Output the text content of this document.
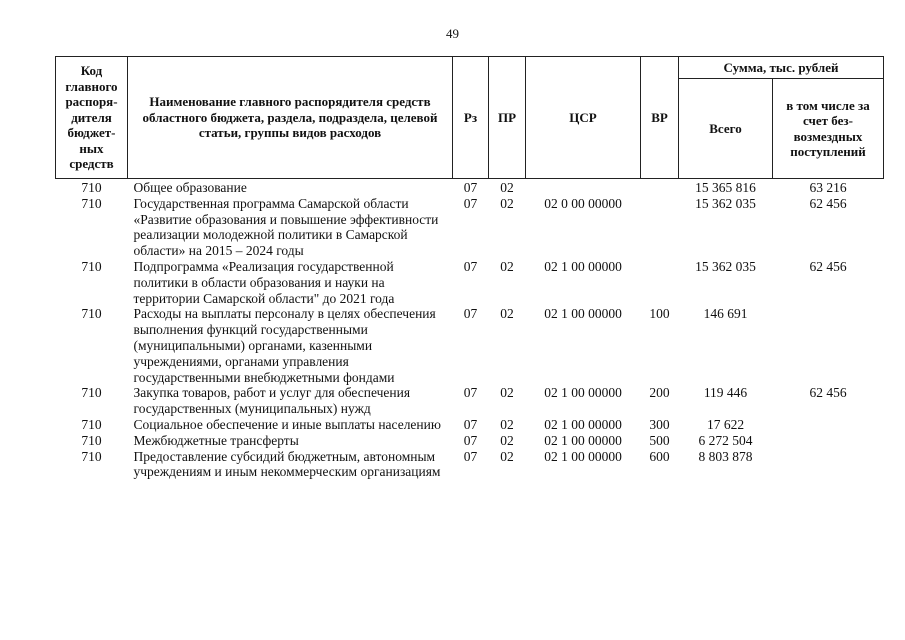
49
Код главного распоря-дителя бюджет-ных средств	Наименование главного распорядителя средств областного бюджета, раздела, подраздела, целевой статьи, группы видов расходов	Рз	ПР	ЦСР	ВР	Сумма, тыс. рублей	
						Всего	в том числе за счет без-возмездных поступлений
710	Общее образование	07	02			15 365 816	63 216
710	Государственная программа Самарской области «Развитие образования и повышение эффективности реализации молодежной политики в Самарской области» на 2015 – 2024 годы	07	02	02 0 00 00000		15 362 035	62 456
710	Подпрограмма «Реализация государственной политики в области образования и науки на территории Самарской области" до 2021 года	07	02	02 1 00 00000		15 362 035	62 456
710	Расходы на выплаты персоналу в целях обеспечения выполнения функций государственными (муниципальными) органами, казенными учреждениями, органами управления государственными внебюджетными фондами	07	02	02 1 00 00000	100	146 691	
710	Закупка товаров, работ и услуг для обеспечения государственных (муниципальных) нужд	07	02	02 1 00 00000	200	119 446	62 456
710	Социальное обеспечение и иные выплаты населению	07	02	02 1 00 00000	300	17 622	
710	Межбюджетные трансферты	07	02	02 1 00 00000	500	6 272 504	
710	Предоставление субсидий бюджетным, автономным учреждениям и иным некоммерческим организациям	07	02	02 1 00 00000	600	8 803 878	
